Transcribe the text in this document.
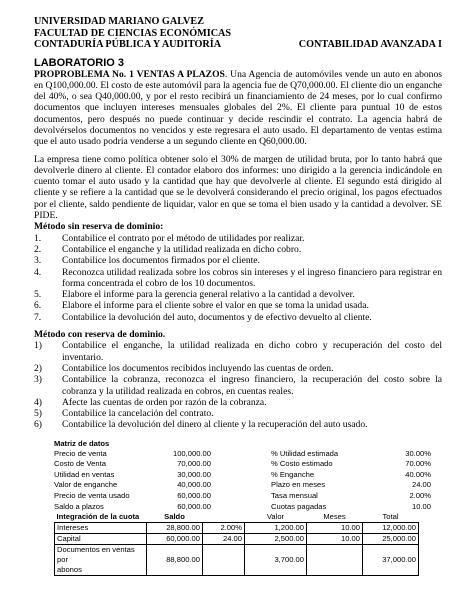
UNIVERSIDAD MARIANO GALVEZ
FACULTAD DE CIENCIAS ECONÓMICAS
CONTADURÍA PÚBLICA Y AUDITORÍA	CONTABILIDAD AVANZADA I
LABORATORIO 3

PROPROBLEMA No. 1 VENTAS A PLAZOS. Una Agencia de automóviles vende un auto en abonos en Q100,000.00. El costo de este automóvil para la agencia fue de Q70,000.00. El cliente dio un enganche del 40%, o sea Q40,000.00, y por el resto recibirá un financiamiento de 24 meses, por lo cual confirmo documentos que incluyen intereses mensuales globales del 2%. El cliente para puntual 10 de estos documentos, pero después no puede continuar y decide rescindir el contrato. La agencia habrá de devolvérselos documentos no vencidos y este regresara el auto usado. El departamento de ventas estima que el auto usado podría venderse a un segundo cliente en Q60,000.00.

La empresa tiene como política obtener solo el 30% de margen de utilidad bruta, por lo tanto habrá que devolverle dinero al cliente. El contador elaboro dos informes: uno dirigido a la gerencia indicándole en cuento tomar el auto usado y la cantidad que hay que devolverle al cliente. El segundo está dirigido al cliente y se refiere a la cantidad que se le devolverá considerando el precio original, los pagos efectuados por el cliente, saldo pendiente de liquidar, valor en que se toma el bien usado y la cantidad a devolver. SE PIDE.

Método sin reserva de dominio:
1.	Contabilice el contrato por el método de utilidades por realizar.
2.	Contabilice el enganche y la utilidad realizada en dicho cobro.
3.	Contabilice los documentos firmados por el cliente.
4.	Reconozca utilidad realizada sobre los cobros sin intereses y el ingreso financiero para registrar en forma concentrada el cobro de los 10 documentos.
5.	Elabore el informe para la gerencia general relativo a la cantidad a devolver.
6.	Elabore el informe para el cliente sobre el valor en que se toma la unidad usada.
7.	Contabilice la devolución del auto, documentos y de efectivo devuelto al cliente.
Método con reserva de dominio.
1)	Contabilice el enganche, la utilidad realizada en dicho cobro y recuperación del costo del inventario.
2)	Contabilice los documentos recibidos incluyendo las cuentas de orden.
3)	Contabilice la cobranza, reconozca el ingreso financiero, la recuperación del costo sobre la cobranza y la utilidad realizada en cobros, en cuentas reales.
4)	Afecte las cuentas de orden por razón de la cobranza.
5)	Contabilice la cancelación del contrato.
6)	Contabilice la devolución del dinero al cliente y la recuperación del auto usado.
Matriz de datos
Precio de venta	100,000.00	% Utilidad estimada	30.00%
Costo de Venta	70,000.00	% Costo estimado	70.00%
Utilidad en ventas	30,000.00	% Enganche	40.00%
Valor de enganche	40,000.00	Plazo en meses	24.00
Precio de venta usado	60,000.00	Tasa mensual	2.00%
Saldo a plazos	60,000.00	Cuotas pagadas	10.00
Integración de la cuota	Saldo		Valor	Meses	Total
Intereses	28,800.00	2.00%	1,200.00	10.00	12,000.00
Capital	60,000.00	24.00	2,500.00	10.00	25,000.00
Documentos en ventas por
abonos	88,800.00		3,700.00		37,000.00
